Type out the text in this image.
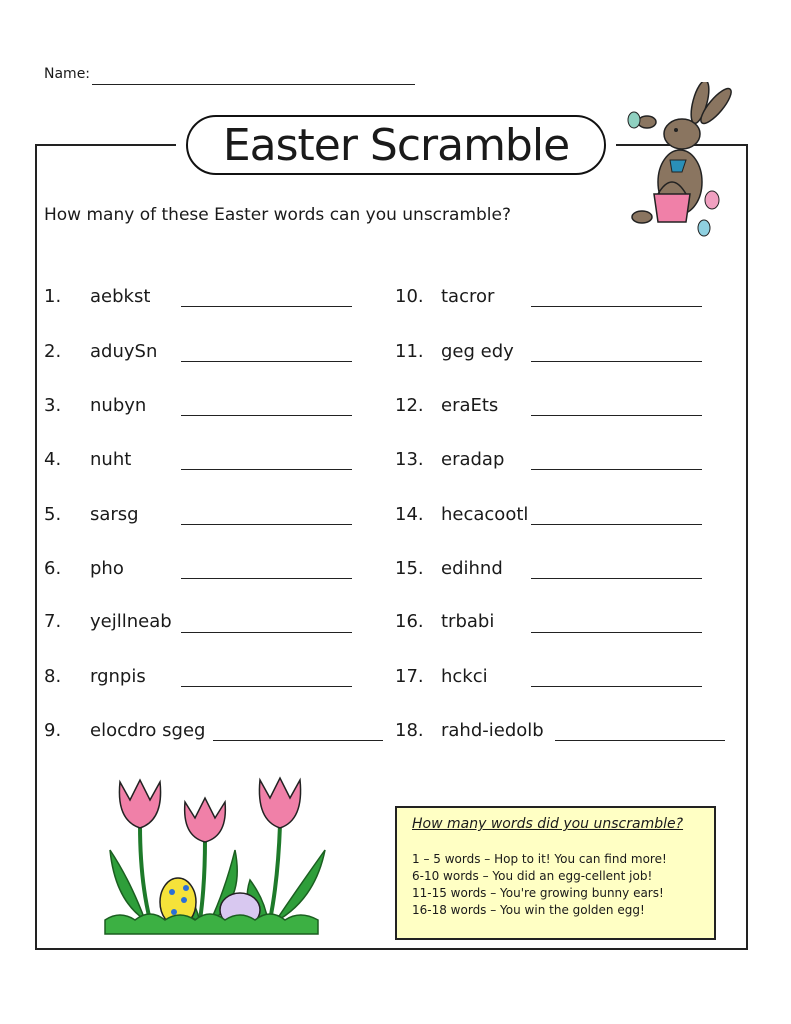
Name:
Easter Scramble
How many of these Easter words can you unscramble?
1. aebkst
2. aduySn
3. nubyn
4. nuht
5. sarsg
6. pho
7. yejllneab
8. rgnpis
9. elocdro sgeg
10. tacror
11. geg edy
12. eraEts
13. eradap
14. hecacootl
15. edihnd
16. trbabi
17. hckci
18. rahd-iedolb
How many words did you unscramble?
1 – 5 words – Hop to it! You can find more!
6-10 words – You did an egg-cellent job!
11-15 words – You're growing bunny ears!
16-18 words – You win the golden egg!
